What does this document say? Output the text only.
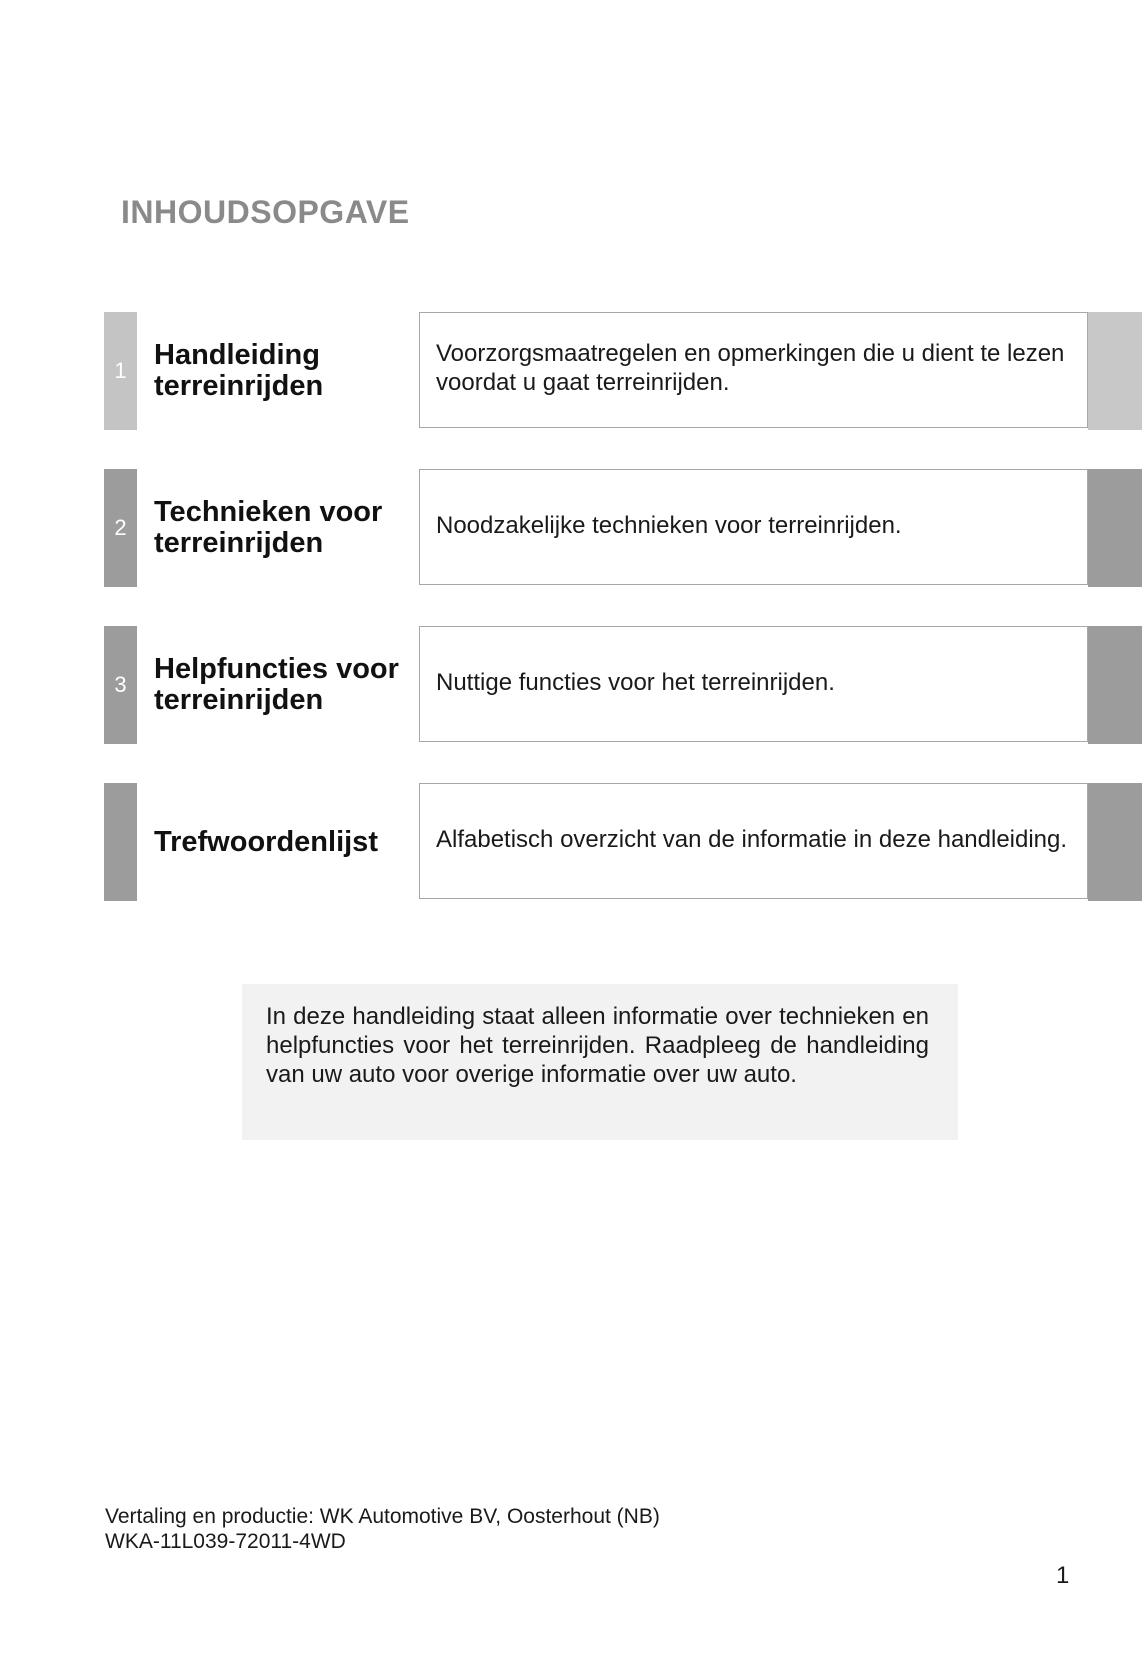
INHOUDSOPGAVE
1 Handleiding terreinrijden
Voorzorgsmaatregelen en opmerkingen die u dient te lezen voordat u gaat terreinrijden.
2 Technieken voor terreinrijden
Noodzakelijke technieken voor terreinrijden.
3 Helpfuncties voor terreinrijden
Nuttige functies voor het terreinrijden.
Trefwoordenlijst	Alfabetisch overzicht van de informatie in deze handleiding.

In deze handleiding staat alleen informatie over technieken en helpfuncties voor het terreinrijden. Raadpleeg de handleiding van uw auto voor overige informatie over uw auto.

Vertaling en productie: WK Automotive BV, Oosterhout (NB)
WKA-11L039-72011-4WD
1
